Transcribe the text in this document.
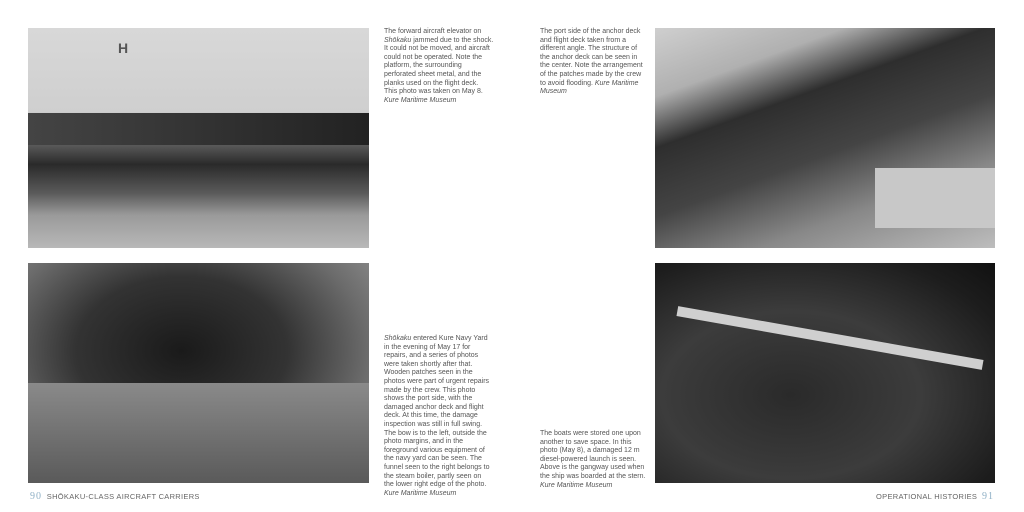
H
The forward aircraft elevator on
Shōkaku jammed due to the shock.
It could not be moved, and aircraft
could not be operated. Note the
platform, the surrounding
perforated sheet metal, and the
planks used on the flight deck.
This photo was taken on May 8.
Kure Maritime Museum
The port side of the anchor deck
and flight deck taken from a
different angle. The structure of
the anchor deck can be seen in
the center. Note the arrangement
of the patches made by the crew
to avoid flooding. Kure Maritime
Museum
Shōkaku entered Kure Navy Yard
in the evening of May 17 for
repairs, and a series of photos
were taken shortly after that.
Wooden patches seen in the
photos were part of urgent repairs
made by the crew. This photo
shows the port side, with the
damaged anchor deck and flight
deck. At this time, the damage
inspection was still in full swing.
The bow is to the left, outside the
photo margins, and in the
foreground various equipment of
the navy yard can be seen. The
funnel seen to the right belongs to
the steam boiler, partly seen on
the lower right edge of the photo.
Kure Maritime Museum
The boats were stored one upon
another to save space. In this
photo (May 8), a damaged 12 m
diesel-powered launch is seen.
Above is the gangway used when
the ship was boarded at the stern.
Kure Maritime Museum
90 SHŌKAKU-CLASS AIRCRAFT CARRIERS	OPERATIONAL HISTORIES 91
